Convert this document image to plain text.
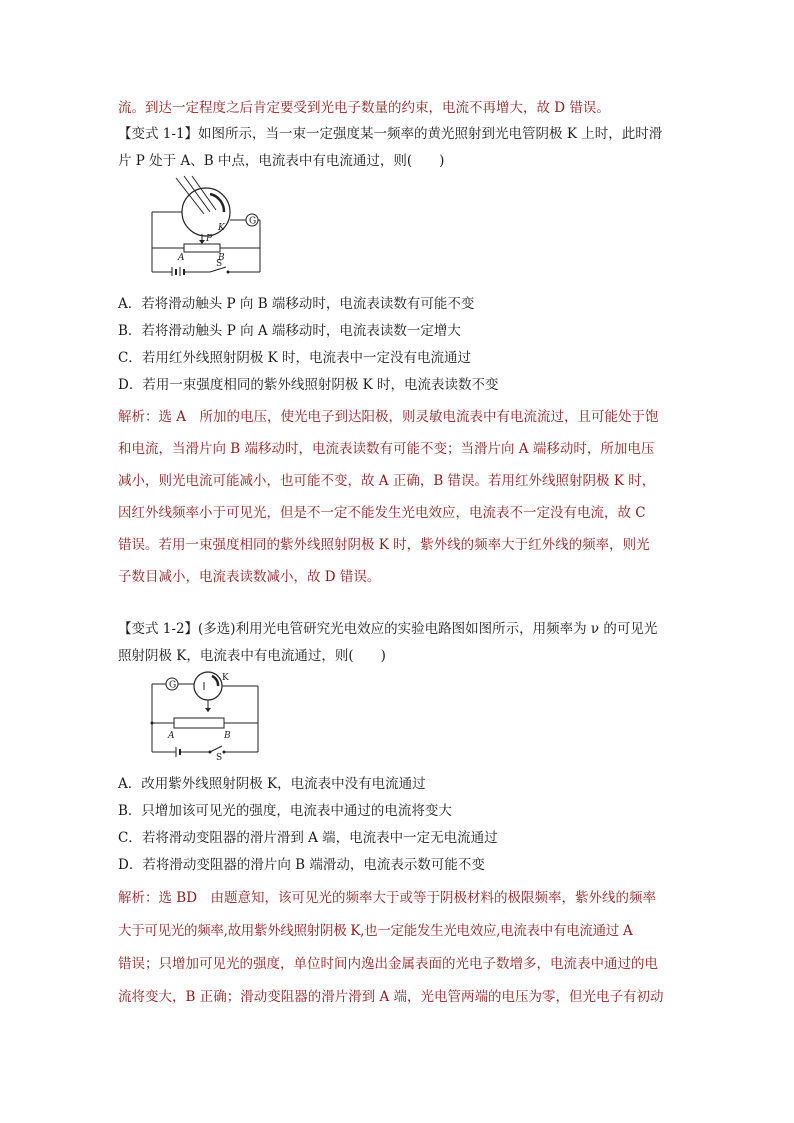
流。到达一定程度之后肯定要受到光电子数量的约束，电流不再增大，故 D 错误。
【变式 1-1】如图所示，当一束一定强度某一频率的黄光照射到光电管阴极 K 上时，此时滑
片 P 处于 A、B 中点，电流表中有电流通过，则(　　)
G
K
P
A	B
S
A．若将滑动触头 P 向 B 端移动时，电流表读数有可能不变
B．若将滑动触头 P 向 A 端移动时，电流表读数一定增大
C．若用红外线照射阴极 K 时，电流表中一定没有电流通过
D．若用一束强度相同的紫外线照射阴极 K 时，电流表读数不变
解析：选 A　所加的电压，使光电子到达阳极，则灵敏电流表中有电流流过，且可能处于饱
和电流，当滑片向 B 端移动时，电流表读数有可能不变；当滑片向 A 端移动时，所加电压
减小，则光电流可能减小，也可能不变，故 A 正确，B 错误。若用红外线照射阴极 K 时，
因红外线频率小于可见光，但是不一定不能发生光电效应，电流表不一定没有电流，故 C
错误。若用一束强度相同的紫外线照射阴极 K 时，紫外线的频率大于红外线的频率，则光
子数目减小，电流表读数减小，故 D 错误。
【变式 1-2】(多选)利用光电管研究光电效应的实验电路图如图所示，用频率为 ν 的可见光
照射阴极 K，电流表中有电流通过，则(　　)
G
K
A	B
S
A．改用紫外线照射阴极 K，电流表中没有电流通过
B．只增加该可见光的强度，电流表中通过的电流将变大
C．若将滑动变阻器的滑片滑到 A 端，电流表中一定无电流通过
D．若将滑动变阻器的滑片向 B 端滑动，电流表示数可能不变
解析：选 BD　由题意知，该可见光的频率大于或等于阴极材料的极限频率，紫外线的频率
大于可见光的频率,故用紫外线照射阴极 K,也一定能发生光电效应,电流表中有电流通过 A
错误；只增加可见光的强度，单位时间内逸出金属表面的光电子数增多，电流表中通过的电
流将变大，B 正确；滑动变阻器的滑片滑到 A 端，光电管两端的电压为零，但光电子有初动
